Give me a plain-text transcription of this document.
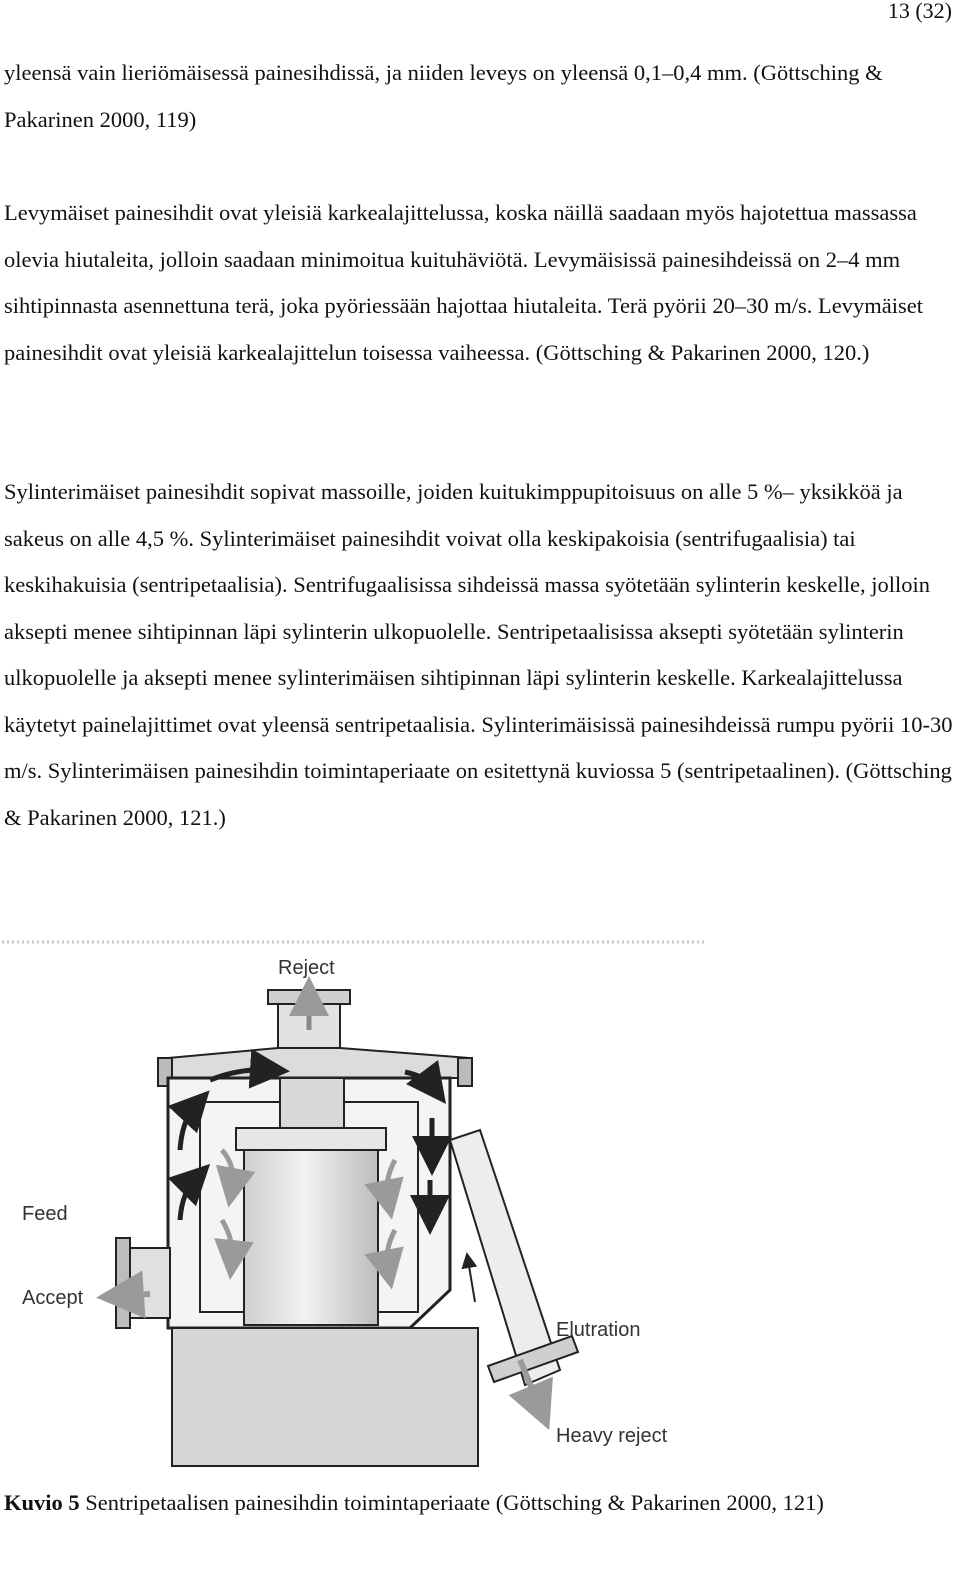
13 (32)

yleensä vain lieriömäisessä painesihdissä, ja niiden leveys on yleensä 0,1–0,4 mm. (Göttsching & Pakarinen 2000, 119)

Levymäiset painesihdit ovat yleisiä karkealajittelussa, koska näillä saadaan myös hajotettua massassa olevia hiutaleita, jolloin saadaan minimoitua kuituhäviötä. Levymäisissä painesihdeissä on 2–4 mm sihtipinnasta asennettuna terä, joka pyöriessään hajottaa hiutaleita. Terä pyörii 20–30 m/s. Levymäiset painesihdit ovat yleisiä karkealajittelun toisessa vaiheessa. (Göttsching & Pakarinen 2000, 120.)

Sylinterimäiset painesihdit sopivat massoille, joiden kuitukimppupitoisuus on alle 5 %– yksikköä ja sakeus on alle 4,5 %. Sylinterimäiset painesihdit voivat olla keskipakoisia (sentrifugaalisia) tai keskihakuisia (sentripetaalisia). Sentrifugaalisissa sihdeissä massa syötetään sylinterin keskelle, jolloin aksepti menee sihtipinnan läpi sylinterin ulkopuolelle. Sentripetaalisissa aksepti syötetään sylinterin ulkopuolelle ja aksepti menee sylinterimäisen sihtipinnan läpi sylinterin keskelle. Karkealajittelussa käytetyt painelajittimet ovat yleensä sentripetaalisia. Sylinterimäisissä painesihdeissä rumpu pyörii 10-30 m/s. Sylinterimäisen painesihdin toimintaperiaate on esitettynä kuviossa 5 (sentripetaalinen). (Göttsching & Pakarinen 2000, 121.)

Reject
Feed
Accept
Elutration
Heavy reject

Kuvio 5 Sentripetaalisen painesihdin toimintaperiaate (Göttsching & Pakarinen 2000, 121)
